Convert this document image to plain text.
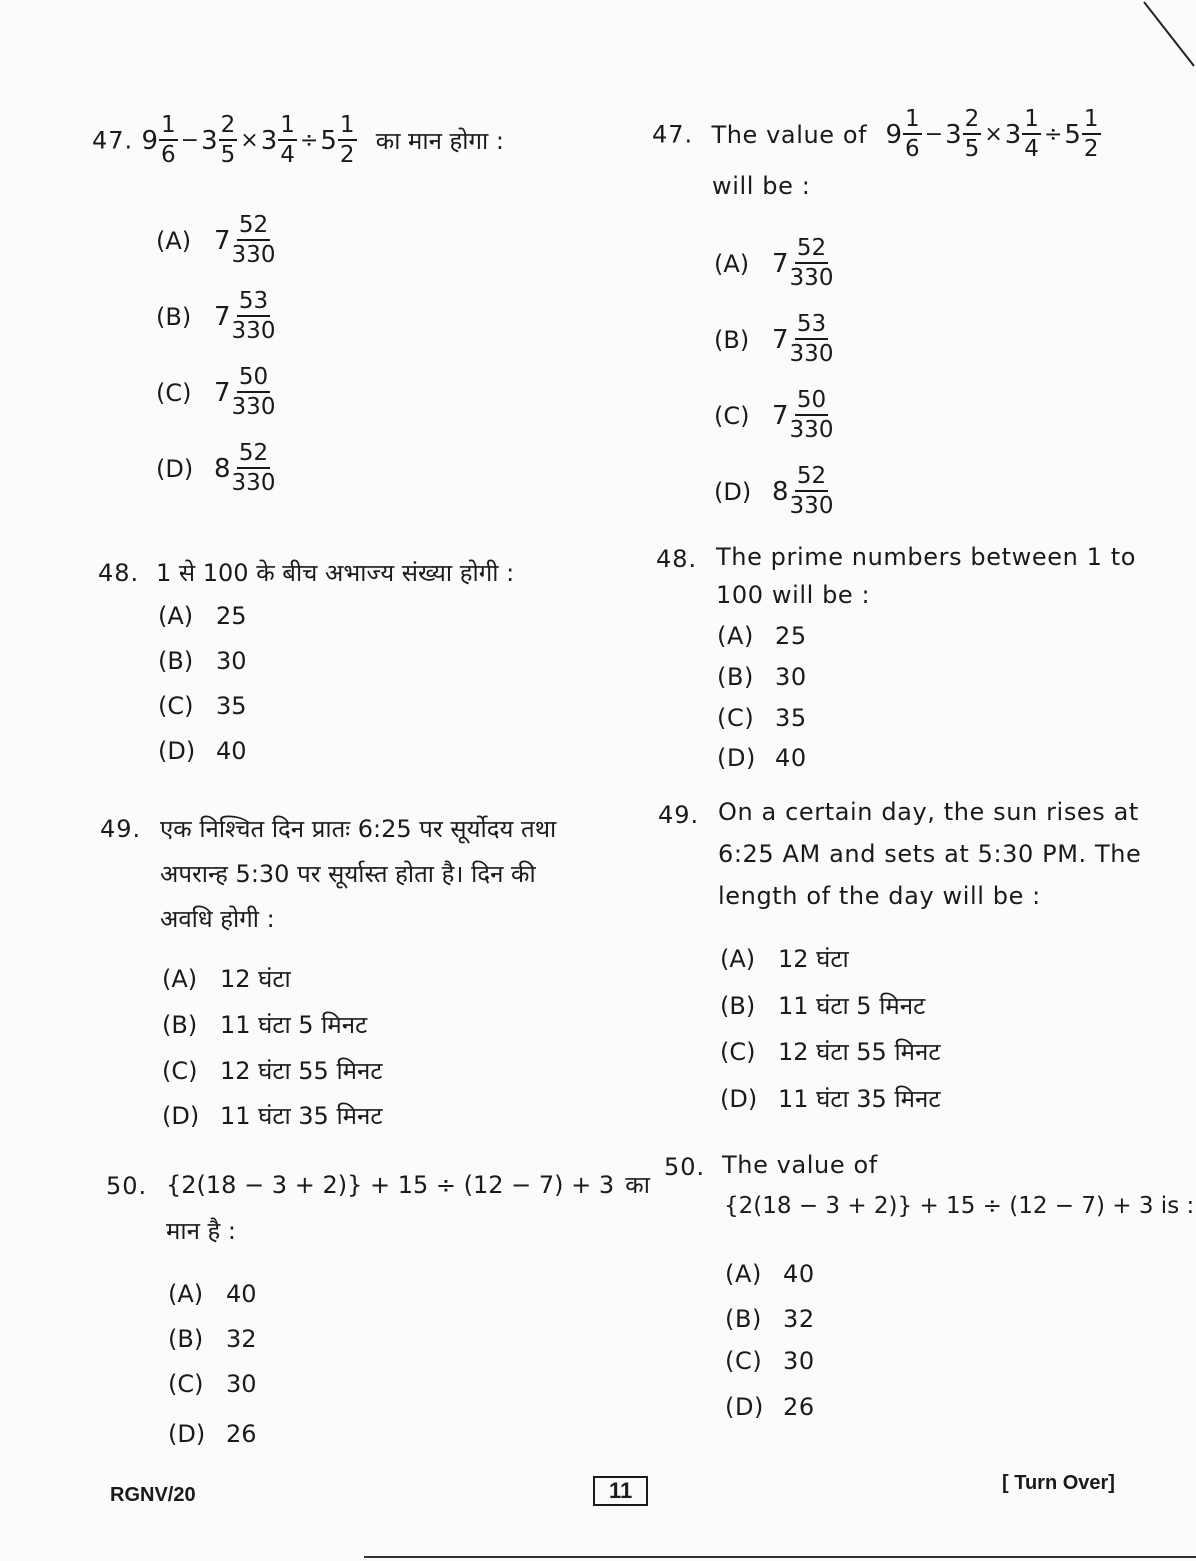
47. $9 \frac{1}{6} - 3 \frac{2}{5} \times 3 \frac{1}{4} \div 5 \frac{1}{2}$ का मान होगा :
(A) $7 \frac{52}{330}$
(B) $7 \frac{53}{330}$
(C) $7 \frac{50}{330}$
(D) $8 \frac{52}{330}$
48. 1 से 100 के बीच अभाज्य संख्या होगी :
(A) 25
(B) 30
(C) 35
(D) 40
49. एक निश्चित दिन प्रातः 6:25 पर सूर्योदय तथा
अपरान्ह 5:30 पर सूर्यास्त होता है। दिन की
अवधि होगी :
(A) 12 घंटा
(B) 11 घंटा 5 मिनट
(C) 12 घंटा 55 मिनट
(D) 11 घंटा 35 मिनट
50. {2(18 − 3 + 2)} + 15 ÷ (12 − 7) + 3 का
मान है :
(A) 40
(B) 32
(C) 30
(D) 26
47. The value of $9 \frac{1}{6} - 3 \frac{2}{5} \times 3 \frac{1}{4} \div 5 \frac{1}{2}$
will be :
(A) $7 \frac{52}{330}$
(B) $7 \frac{53}{330}$
(C) $7 \frac{50}{330}$
(D) $8 \frac{52}{330}$
48. The prime numbers between 1 to
100 will be :
(A) 25
(B) 30
(C) 35
(D) 40
49. On a certain day, the sun rises at
6:25 AM and sets at 5:30 PM. The
length of the day will be :
(A) 12 घंटा
(B) 11 घंटा 5 मिनट
(C) 12 घंटा 55 मिनट
(D) 11 घंटा 35 मिनट
50. The value of
{2(18 − 3 + 2)} + 15 ÷ (12 − 7) + 3 is :
(A) 40
(B) 32
(C) 30
(D) 26
RGNV/20	11	[ Turn Over]
